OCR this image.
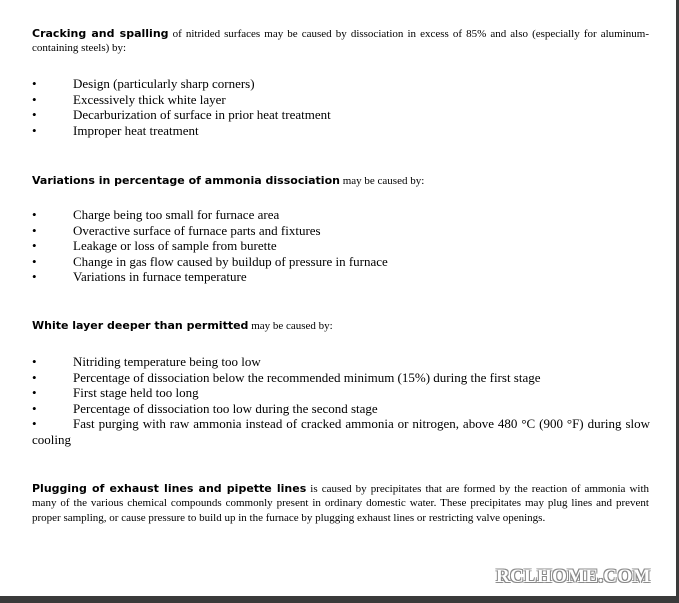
Cracking and spalling of nitrided surfaces may be caused by dissociation in excess of 85% and also (especially for aluminum-containing steels) by:

•	Design (particularly sharp corners)
•	Excessively thick white layer
•	Decarburization of surface in prior heat treatment
•	Improper heat treatment

Variations in percentage of ammonia dissociation may be caused by:

•	Charge being too small for furnace area
•	Overactive surface of furnace parts and fixtures
•	Leakage or loss of sample from burette
•	Change in gas flow caused by buildup of pressure in furnace
•	Variations in furnace temperature

White layer deeper than permitted may be caused by:

•	Nitriding temperature being too low
•	Percentage of dissociation below the recommended minimum (15%) during the first stage
•	First stage held too long
•	Percentage of dissociation too low during the second stage
•	Fast purging with raw ammonia instead of cracked ammonia or nitrogen, above 480 °C (900 °F) during slow cooling

Plugging of exhaust lines and pipette lines is caused by precipitates that are formed by the reaction of ammonia with many of the various chemical compounds commonly present in ordinary domestic water. These precipitates may plug lines and prevent proper sampling, or cause pressure to build up in the furnace by plugging exhaust lines or restricting valve openings.

RCLHOME.COM
